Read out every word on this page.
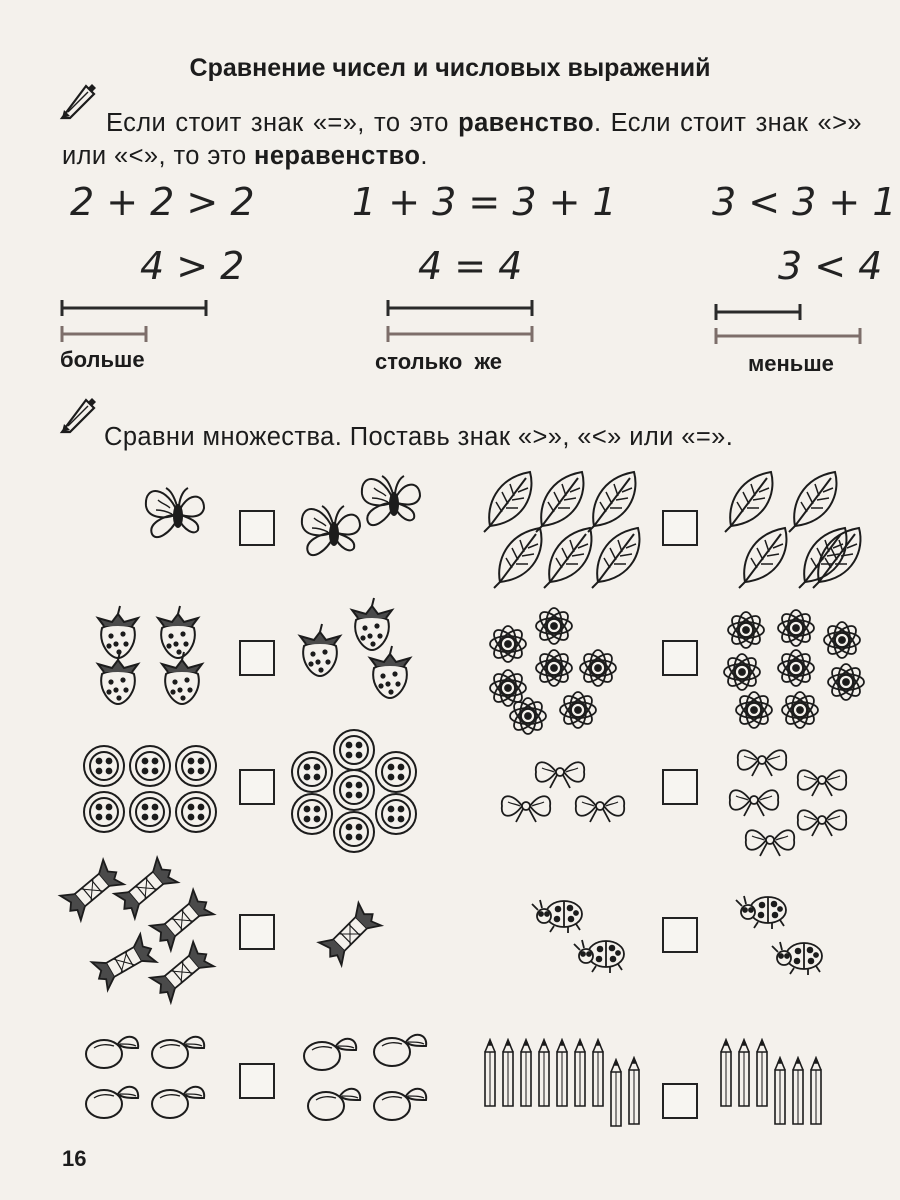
Сравнение чисел и числовых выражений
Если стоит знак «=», то это равенство. Если стоит знак «>» или «<», то это неравенство.
2 + 2 > 2
4 > 2
1 + 3 = 3 + 1
4 = 4
3 < 3 + 1
3 < 4
больше	столько  же	меньше
Сравни множества. Поставь знак «>», «<» или «=».
16
